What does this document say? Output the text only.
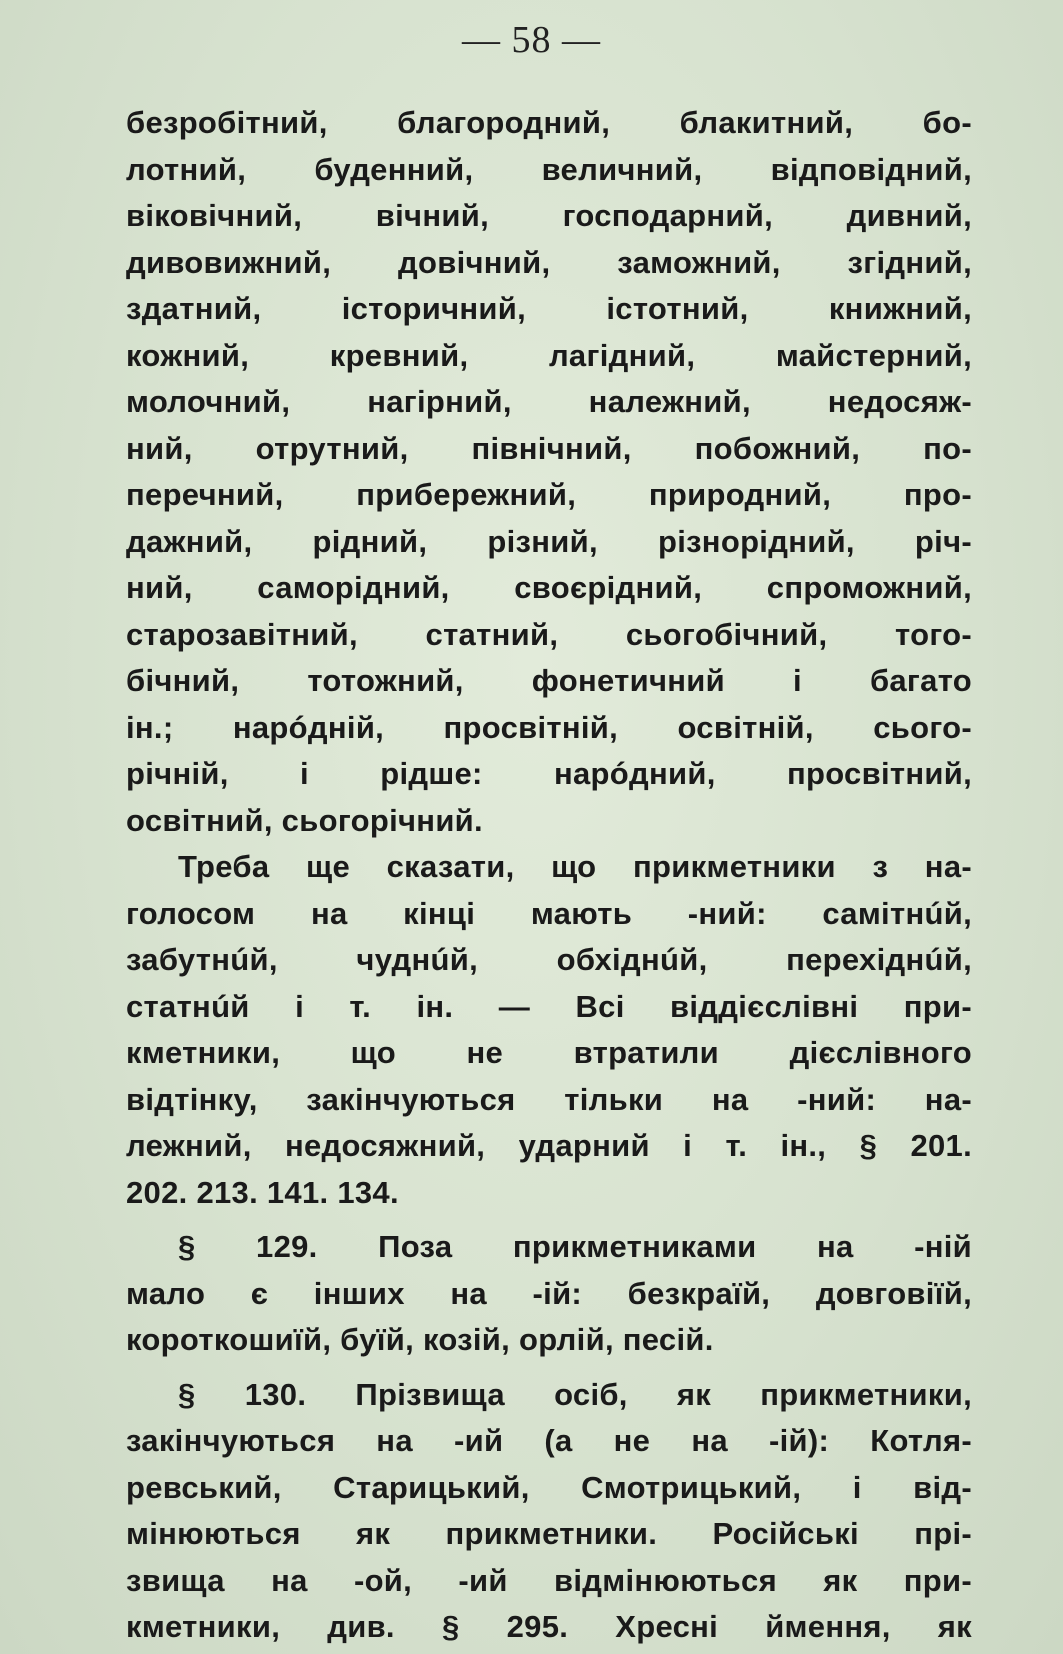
— 58 —
безробітний, благородний, блакитний, бо-
лотний, буденний, величний, відповідний,
віковічний, вічний, господарний, дивний,
дивовижний, довічний, заможний, згідний,
здатний, історичний, істотний, книжний,
кожний, кревний, лагідний, майстерний,
молочний, нагірний, належний, недосяж-
ний, отрутний, північний, побожний, по-
перечний, прибережний, природний, про-
дажний, рідний, різний, різнорідний, річ-
ний, саморідний, своєрідний, спроможний,
старозавітний, статний, сьогобічний, того-
бічний, тотожний, фонетичний і багато
ін.; нарóдній, просвітній, освітній, сього-
річній, і рідше: нарóдний, просвітний,
освітний, сьогорічний.
Треба ще сказати, що прикметники з на-
голосом на кінці мають -ний: самітнúй,
забутнúй, чуднúй, обхіднúй, перехіднúй,
статнúй і т. ін. — Всі віддієслівні при-
кметники, що не втратили дієслівного
відтінку, закінчуються тільки на -ний: на-
лежний, недосяжний, ударний і т. ін., § 201.
202. 213. 141. 134.
§ 129. Поза прикметниками на -ній
мало є інших на -ій: безкраїй, довговіїй,
короткошиїй, буїй, козій, орлій, песій.
§ 130. Прізвища осіб, як прикметники,
закінчуються на -ий (а не на -ій): Котля-
ревський, Старицький, Смотрицький, і від-
мінюються як прикметники. Російські прі-
звища на -ой, -ий відмінюються як при-
кметники, див. § 295. Хресні ймення, як
